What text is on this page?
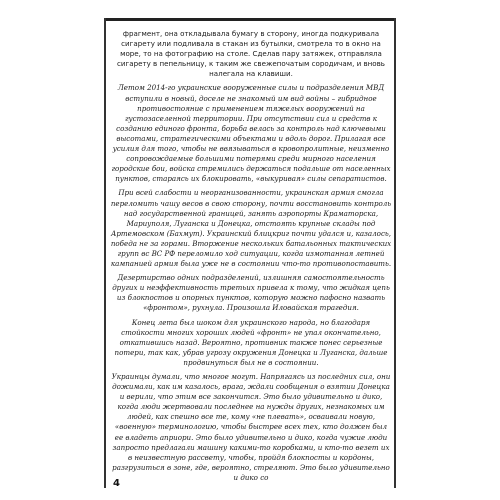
фрагмент, она откладывала бумагу в сторону, иногда подкуривала сигарету или подливала в стакан из бутылки, смотрела то в окно на море, то на фотографию на столе. Сделав пару затяжек, отправляла сигарету в пепельницу, к таким же свежепочатым сородичам, и вновь налегала на клавиши.

Летом 2014-го украинские вооруженные силы и подразделения МВД вступили в новый, доселе не знакомый им вид войны – гибридное противостояние с применением тяжелых вооружений на густозаселенной территории. При отсутствии сил и средств к созданию единого фронта, борьба велась за контроль над ключевыми высотами, стратегическими объектами и вдоль дорог. Прилагая все усилия для того, чтобы не ввязываться в кровопролитные, неизменно сопровождаемые большими потерями среди мирного населения городские бои, войска стремились держаться подальше от населенных пунктов, стараясь их блокировать, «выкуривая» силы сепаратистов.

При всей слабости и неорганизованности, украинская армия смогла переломить чашу весов в свою сторону, почти восстановить контроль над государственной границей, занять аэропорты Краматорска, Мариуполя, Луганска и Донецка, отстоять крупные склады под Артемовском (Бахмут). Украинский блицкриг почти удался и, казалось, победа не за горами. Вторжение нескольких батальонных тактических групп вс ВС РФ переломило ход ситуации, когда измотанная летней кампанией армия была уже не в состоянии что-то противопоставить.

Дезертирство одних подразделений, излишняя самостоятельность других и неэффективность третьих привела к тому, что жидкая цепь из блокпостов и опорных пунктов, которую можно пафосно назвать «фронтом», рухнула. Произошла Иловайская трагедия.

Конец лета был шоком для украинского народа, но благодаря стойкости многих хороших людей «фронт» не упал окончательно, откатившись назад. Вероятно, противник также понес серьезные потери, так как, убрав угрозу окружения Донецка и Луганска, дальше продвинуться был не в состоянии.

Украинцы думали, что многое могут. Напрягаясь из последних сил, они дожимали, как им казалось, врага, ждали сообщения о взятии Донецка и верили, что этим все закончится. Это было удивительно и дико, когда люди жертвовали последнее на нужды других, незнакомых им людей, как спешно все те, кому «не плевать», осваивали новую, «военную» терминологию, чтобы быстрее всех тех, кто должен был ее владеть априори. Это было удивительно и дико, когда чужие люди запросто предлагали машину какими-то коробками, и кто-то везет их в неизвестную рассвету, чтобы, пройдя блокпосты и кордоны, разгрузиться в зоне, где, вероятно, стреляют. Это было удивительно и дико со

4
